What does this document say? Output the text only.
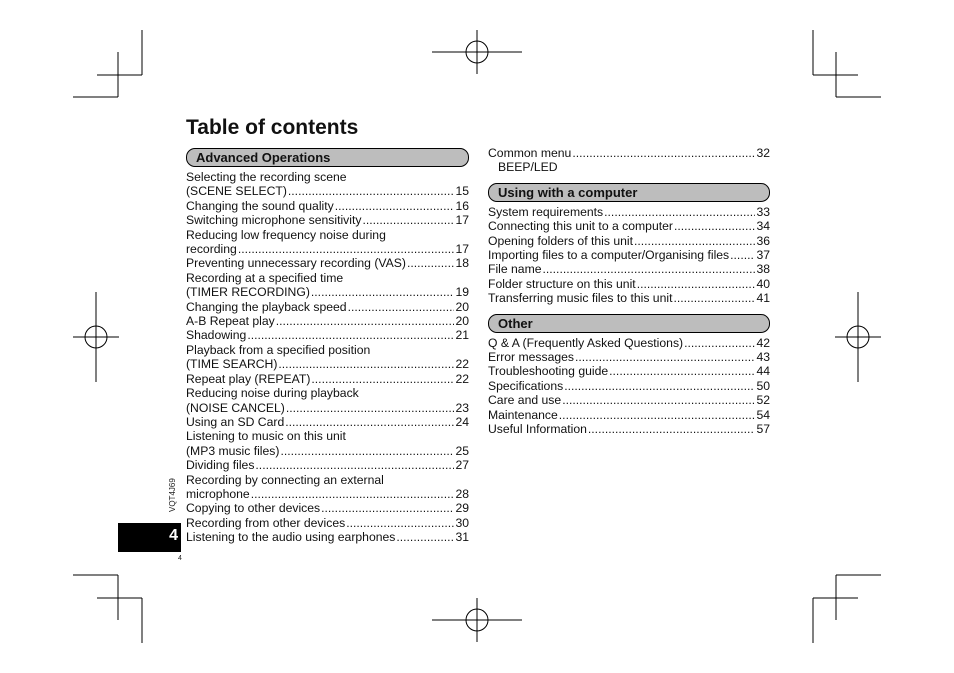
Table of contents
Advanced Operations
Selecting the recording scene
(SCENE SELECT) .....	15
Changing the sound quality .....	16
Switching microphone sensitivity .....	17
Reducing low frequency noise during
recording .....	17
Preventing unnecessary recording (VAS) .....	18
Recording at a specified time
(TIMER RECORDING) .....	19
Changing the playback speed .....	20
A-B Repeat play .....	20
Shadowing .....	21
Playback from a specified position
(TIME SEARCH) .....	22
Repeat play (REPEAT) .....	22
Reducing noise during playback
(NOISE CANCEL) .....	23
Using an SD Card .....	24
Listening to music on this unit
(MP3 music files) .....	25
Dividing files .....	27
Recording by connecting an external
microphone .....	28
Copying to other devices .....	29
Recording from other devices .....	30
Listening to the audio using earphones .....	31
Common menu .....	32
BEEP/LED
Using with a computer
System requirements .....	33
Connecting this unit to a computer .....	34
Opening folders of this unit .....	36
Importing files to a computer/Organising files ..... 37
File name .....	38
Folder structure on this unit .....	40
Transferring music files to this unit .....	41
Other
Q & A (Frequently Asked Questions) .....	42
Error messages .....	43
Troubleshooting guide .....	44
Specifications .....	50
Care and use .....	52
Maintenance .....	54
Useful Information .....	57
4
VQT4J69
4
